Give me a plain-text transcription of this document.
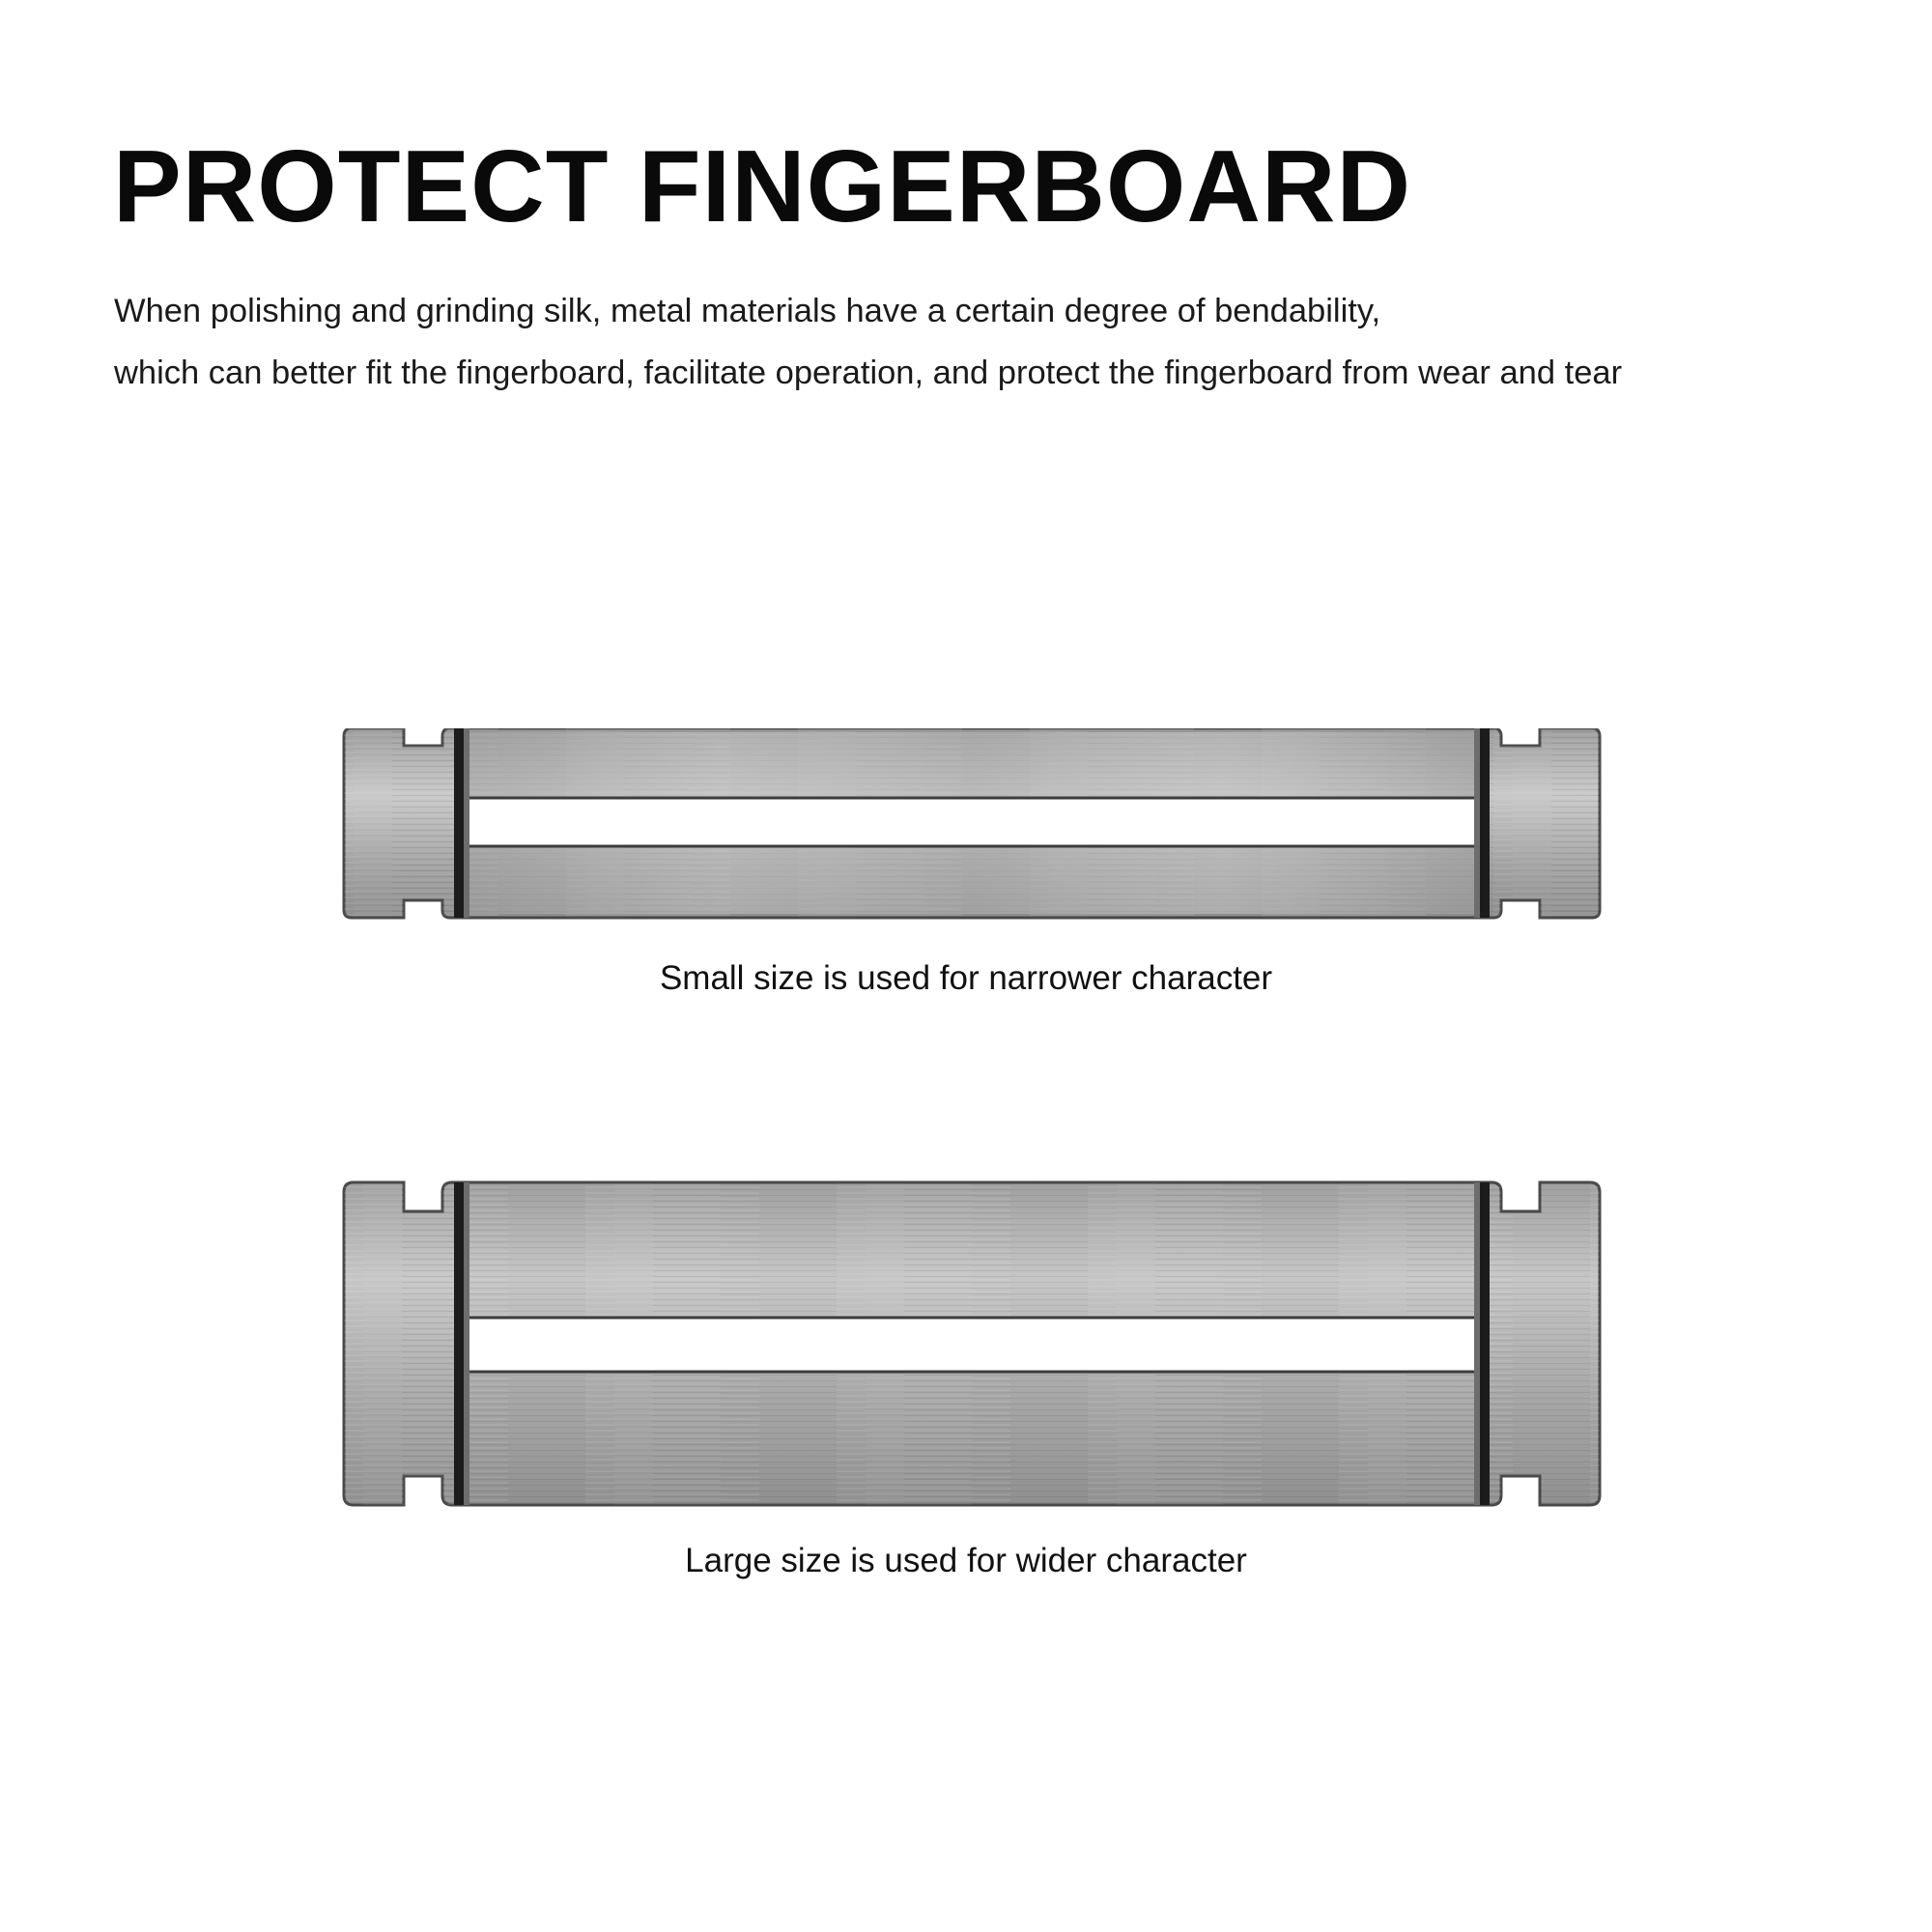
PROTECT FINGERBOARD

When polishing and grinding silk, metal materials have a certain degree of bendability,
which can better fit the fingerboard, facilitate operation, and protect the fingerboard from wear and tear

Small size is used for narrower character
Large size is used for wider character
